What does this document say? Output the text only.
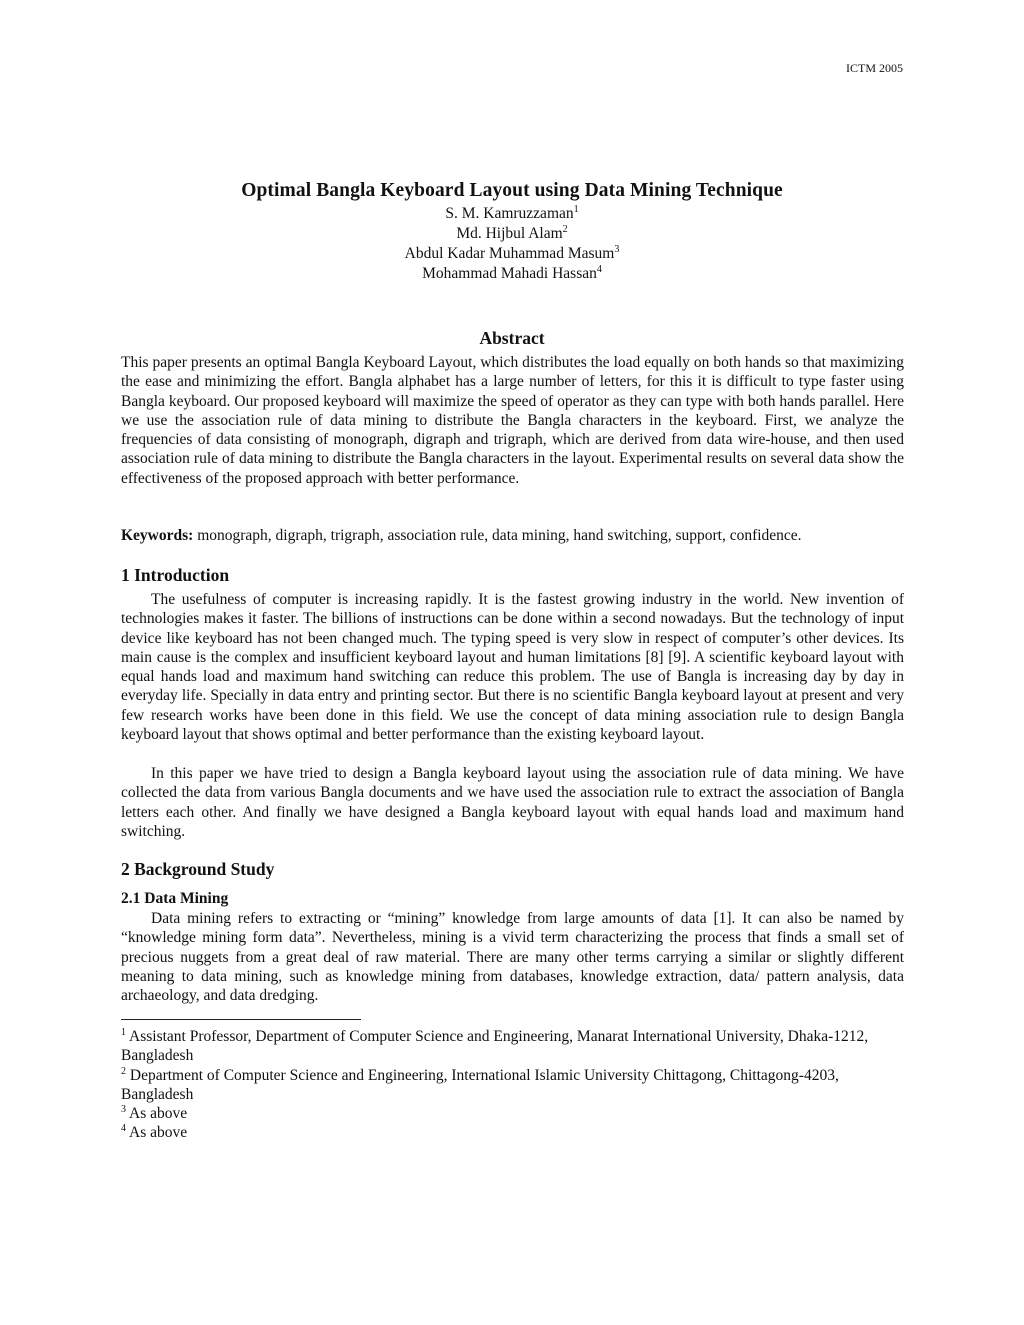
ICTM 2005
Optimal Bangla Keyboard Layout using Data Mining Technique
S. M. Kamruzzaman$^1$
Md. Hijbul Alam$^2$
Abdul Kadar Muhammad Masum$^3$
Mohammad Mahadi Hassan$^4$
Abstract

This paper presents an optimal Bangla Keyboard Layout, which distributes the load equally on both hands so that maximizing the ease and minimizing the effort. Bangla alphabet has a large number of letters, for this it is difficult to type faster using Bangla keyboard. Our proposed keyboard will maximize the speed of operator as they can type with both hands parallel. Here we use the association rule of data mining to distribute the Bangla characters in the keyboard. First, we analyze the frequencies of data consisting of monograph, digraph and trigraph, which are derived from data wire-house, and then used association rule of data mining to distribute the Bangla characters in the layout. Experimental results on several data show the effectiveness of the proposed approach with better performance.

Keywords: monograph, digraph, trigraph, association rule, data mining, hand switching, support, confidence.

1 Introduction

The usefulness of computer is increasing rapidly. It is the fastest growing industry in the world. New invention of technologies makes it faster. The billions of instructions can be done within a second nowadays. But the technology of input device like keyboard has not been changed much. The typing speed is very slow in respect of computer’s other devices. Its main cause is the complex and insufficient keyboard layout and human limitations [8] [9]. A scientific keyboard layout with equal hands load and maximum hand switching can reduce this problem. The use of Bangla is increasing day by day in everyday life. Specially in data entry and printing sector. But there is no scientific Bangla keyboard layout at present and very few research works have been done in this field. We use the concept of data mining association rule to design Bangla keyboard layout that shows optimal and better performance than the existing keyboard layout.

In this paper we have tried to design a Bangla keyboard layout using the association rule of data mining. We have collected the data from various Bangla documents and we have used the association rule to extract the association of Bangla letters each other. And finally we have designed a Bangla keyboard layout with equal hands load and maximum hand switching.

2 Background Study
2.1 Data Mining

Data mining refers to extracting or “mining” knowledge from large amounts of data [1]. It can also be named by “knowledge mining form data”. Nevertheless, mining is a vivid term characterizing the process that finds a small set of precious nuggets from a great deal of raw material. There are many other terms carrying a similar or slightly different meaning to data mining, such as knowledge mining from databases, knowledge extraction, data/ pattern analysis, data archaeology, and data dredging.

$^1$ Assistant Professor, Department of Computer Science and Engineering, Manarat International University, Dhaka-1212, Bangladesh

$^2$ Department of Computer Science and Engineering, International Islamic University Chittagong, Chittagong-4203, Bangladesh

$^3$ As above

$^4$ As above
